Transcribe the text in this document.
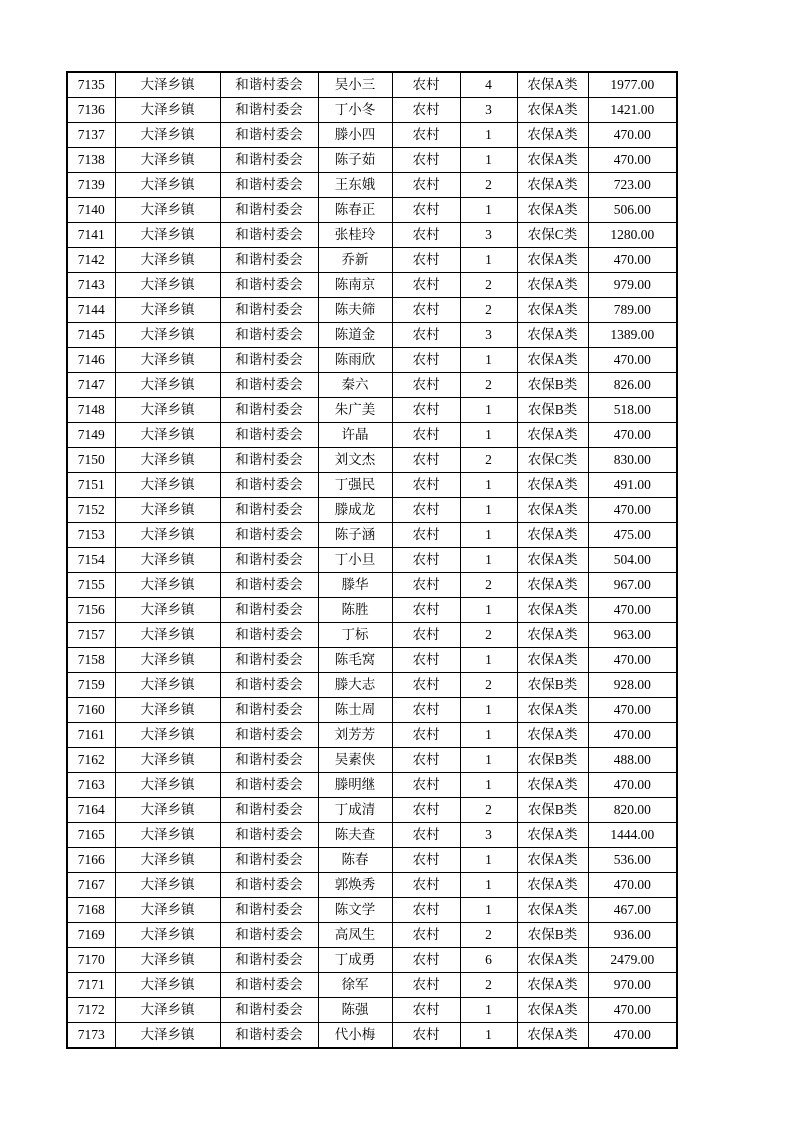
7135	大泽乡镇	和谐村委会	吴小三	农村	4	农保A类	1977.00
7136	大泽乡镇	和谐村委会	丁小冬	农村	3	农保A类	1421.00
7137	大泽乡镇	和谐村委会	滕小四	农村	1	农保A类	470.00
7138	大泽乡镇	和谐村委会	陈子茹	农村	1	农保A类	470.00
7139	大泽乡镇	和谐村委会	王东娥	农村	2	农保A类	723.00
7140	大泽乡镇	和谐村委会	陈春正	农村	1	农保A类	506.00
7141	大泽乡镇	和谐村委会	张桂玲	农村	3	农保C类	1280.00
7142	大泽乡镇	和谐村委会	乔新	农村	1	农保A类	470.00
7143	大泽乡镇	和谐村委会	陈南京	农村	2	农保A类	979.00
7144	大泽乡镇	和谐村委会	陈夫筛	农村	2	农保A类	789.00
7145	大泽乡镇	和谐村委会	陈道金	农村	3	农保A类	1389.00
7146	大泽乡镇	和谐村委会	陈雨欣	农村	1	农保A类	470.00
7147	大泽乡镇	和谐村委会	秦六	农村	2	农保B类	826.00
7148	大泽乡镇	和谐村委会	朱广美	农村	1	农保B类	518.00
7149	大泽乡镇	和谐村委会	许晶	农村	1	农保A类	470.00
7150	大泽乡镇	和谐村委会	刘文杰	农村	2	农保C类	830.00
7151	大泽乡镇	和谐村委会	丁强民	农村	1	农保A类	491.00
7152	大泽乡镇	和谐村委会	滕成龙	农村	1	农保A类	470.00
7153	大泽乡镇	和谐村委会	陈子涵	农村	1	农保A类	475.00
7154	大泽乡镇	和谐村委会	丁小旦	农村	1	农保A类	504.00
7155	大泽乡镇	和谐村委会	滕华	农村	2	农保A类	967.00
7156	大泽乡镇	和谐村委会	陈胜	农村	1	农保A类	470.00
7157	大泽乡镇	和谐村委会	丁标	农村	2	农保A类	963.00
7158	大泽乡镇	和谐村委会	陈毛窝	农村	1	农保A类	470.00
7159	大泽乡镇	和谐村委会	滕大志	农村	2	农保B类	928.00
7160	大泽乡镇	和谐村委会	陈士周	农村	1	农保A类	470.00
7161	大泽乡镇	和谐村委会	刘芳芳	农村	1	农保A类	470.00
7162	大泽乡镇	和谐村委会	吴素侠	农村	1	农保B类	488.00
7163	大泽乡镇	和谐村委会	滕明继	农村	1	农保A类	470.00
7164	大泽乡镇	和谐村委会	丁成清	农村	2	农保B类	820.00
7165	大泽乡镇	和谐村委会	陈夫查	农村	3	农保A类	1444.00
7166	大泽乡镇	和谐村委会	陈春	农村	1	农保A类	536.00
7167	大泽乡镇	和谐村委会	郭焕秀	农村	1	农保A类	470.00
7168	大泽乡镇	和谐村委会	陈文学	农村	1	农保A类	467.00
7169	大泽乡镇	和谐村委会	高凤生	农村	2	农保B类	936.00
7170	大泽乡镇	和谐村委会	丁成勇	农村	6	农保A类	2479.00
7171	大泽乡镇	和谐村委会	徐军	农村	2	农保A类	970.00
7172	大泽乡镇	和谐村委会	陈强	农村	1	农保A类	470.00
7173	大泽乡镇	和谐村委会	代小梅	农村	1	农保A类	470.00
